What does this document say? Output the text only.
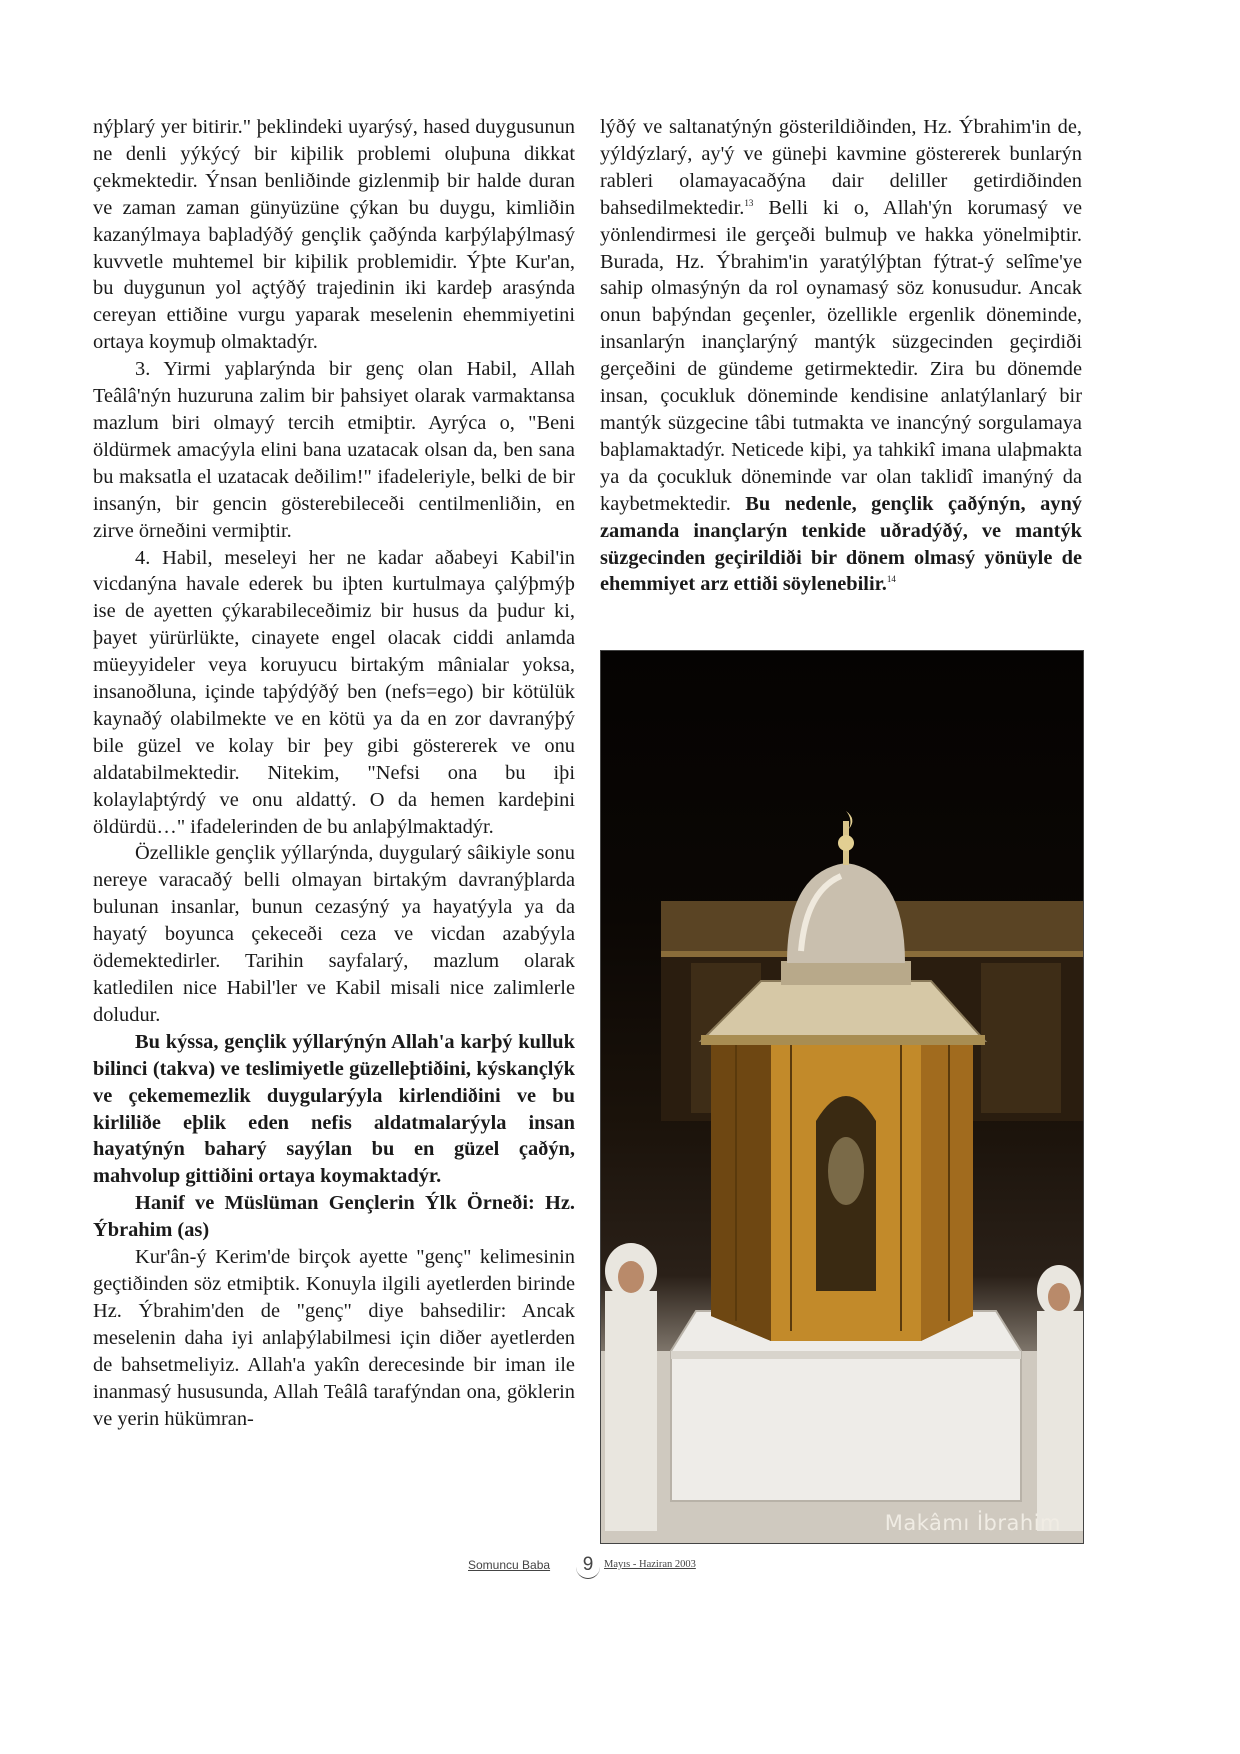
nýþlarý yer bitirir." þeklindeki uyarýsý, hased duygusunun ne denli yýkýcý bir kiþilik problemi oluþuna dikkat çekmektedir. Ýnsan benliðinde gizlenmiþ bir halde duran ve zaman zaman günyüzüne çýkan bu duygu, kimliðin kazanýlmaya baþladýðý gençlik çaðýnda karþýlaþýlmasý kuvvetle muhtemel bir kiþilik problemidir. Ýþte Kur'an, bu duygunun yol açtýðý trajedinin iki kardeþ arasýnda cereyan ettiðine vurgu yaparak meselenin ehemmiyetini ortaya koymuþ olmaktadýr.

3. Yirmi yaþlarýnda bir genç olan Habil, Allah Teâlâ'nýn huzuruna zalim bir þahsiyet olarak varmaktansa mazlum biri olmayý tercih etmiþtir. Ayrýca o, "Beni öldürmek amacýyla elini bana uzatacak olsan da, ben sana bu maksatla el uzatacak deðilim!" ifadeleriyle, belki de bir insanýn, bir gencin gösterebileceði centilmenliðin, en zirve örneðini vermiþtir.

4. Habil, meseleyi her ne kadar aðabeyi Kabil'in vicdanýna havale ederek bu iþten kurtulmaya çalýþmýþ ise de ayetten çýkarabileceðimiz bir husus da þudur ki, þayet yürürlükte, cinayete engel olacak ciddi anlamda müeyyideler veya koruyucu birtakým mânialar yoksa, insanoðluna, içinde taþýdýðý ben (nefs=ego) bir kötülük kaynaðý olabilmekte ve en kötü ya da en zor davranýþý bile güzel ve kolay bir þey gibi göstererek ve onu aldatabilmektedir. Nitekim, "Nefsi ona bu iþi kolaylaþtýrdý ve onu aldattý. O da hemen kardeþini öldürdü…" ifadelerinden de bu anlaþýlmaktadýr.

Özellikle gençlik yýllarýnda, duygularý sâikiyle sonu nereye varacaðý belli olmayan birtakým davranýþlarda bulunan insanlar, bunun cezasýný ya hayatýyla ya da hayatý boyunca çekeceði ceza ve vicdan azabýyla ödemektedirler. Tarihin sayfalarý, mazlum olarak katledilen nice Habil'ler ve Kabil misali nice zalimlerle doludur.

Bu kýssa, gençlik yýllarýnýn Allah'a karþý kulluk bilinci (takva) ve teslimiyetle güzelleþtiðini, kýskançlýk ve çekememezlik duygularýyla kirlendiðini ve bu kirliliðe eþlik eden nefis aldatmalarýyla insan hayatýnýn baharý sayýlan bu en güzel çaðýn, mahvolup gittiðini ortaya koymaktadýr.

Hanif ve Müslüman Gençlerin Ýlk Örneði: Hz. Ýbrahim (as)

Kur'ân-ý Kerim'de birçok ayette "genç" kelimesinin geçtiðinden söz etmiþtik. Konuyla ilgili ayetlerden birinde Hz. Ýbrahim'den de "genç" diye bahsedilir: Ancak meselenin daha iyi anlaþýlabilmesi için diðer ayetlerden de bahsetmeliyiz. Allah'a yakîn derecesinde bir iman ile inanmasý hususunda, Allah Teâlâ tarafýndan ona, göklerin ve yerin hükümran-

lýðý ve saltanatýnýn gösterildiðinden, Hz. Ýbrahim'in de, yýldýzlarý, ay'ý ve güneþi kavmine göstererek bunlarýn rableri olamayacaðýna dair deliller getirdiðinden bahsedilmektedir.$^{13}$ Belli ki o, Allah'ýn korumasý ve yönlendirmesi ile gerçeði bulmuþ ve hakka yönelmiþtir. Burada, Hz. Ýbrahim'in yaratýlýþtan fýtrat-ý selîme'ye sahip olmasýnýn da rol oynamasý söz konusudur. Ancak onun baþýndan geçenler, özellikle ergenlik döneminde, insanlarýn inançlarýný mantýk süzgecinden geçirdiði gerçeðini de gündeme getirmektedir. Zira bu dönemde insan, çocukluk döneminde kendisine anlatýlanlarý bir mantýk süzgecine tâbi tutmakta ve inancýný sorgulamaya baþlamaktadýr. Neticede kiþi, ya tahkikî imana ulaþmakta ya da çocukluk döneminde var olan taklidî imanýný da kaybetmektedir. Bu nedenle, gençlik çaðýnýn, ayný zamanda inançlarýn tenkide uðradýðý, ve mantýk süzgecinden geçirildiði bir dönem olmasý yönüyle de ehemmiyet arz ettiði söylenebilir.$^{14}$

Makâmı İbrahim
Somuncu Baba	9	Mayıs - Haziran 2003
